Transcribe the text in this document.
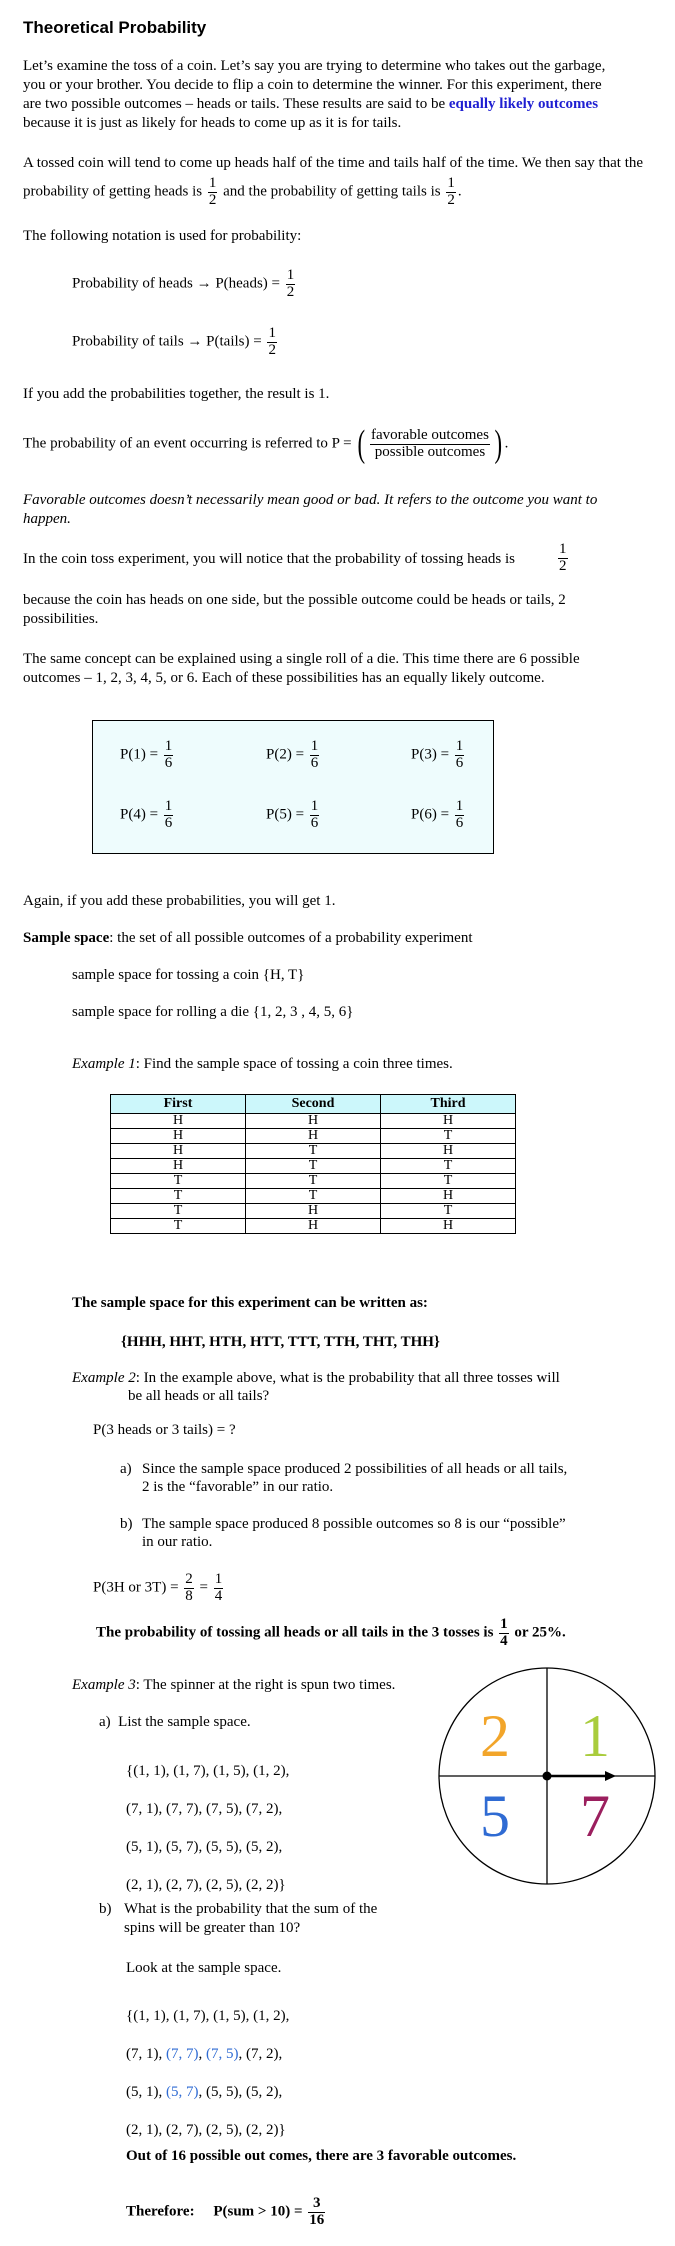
Theoretical Probability
Let’s examine the toss of a coin. Let’s say you are trying to determine who takes out the garbage, you or your brother. You decide to flip a coin to determine the winner. For this experiment, there are two possible outcomes – heads or tails. These results are said to be equally likely outcomes because it is just as likely for heads to come up as it is for tails.
A tossed coin will tend to come up heads half of the time and tails half of the time. We then say that the probability of getting heads is $\frac{1}{2}$ and the probability of getting tails is $\frac{1}{2}$ .
The following notation is used for probability:
Probability of heads → P(heads) = $\frac{1}{2}$
Probability of tails → P(tails) = $\frac{1}{2}$
If you add the probabilities together, the result is 1.
The probability of an event occurring is referred to P = ( $\frac{\text{favorable outcomes}}{\text{possible outcomes}}$ ) .
Favorable outcomes doesn’t necessarily mean good or bad. It refers to the outcome you want to happen.
In the coin toss experiment, you will notice that the probability of tossing heads is	$\frac{1}{2}$
because the coin has heads on one side, but the possible outcome could be heads or tails, 2 possibilities.
The same concept can be explained using a single roll of a die. This time there are 6 possible outcomes – 1, 2, 3, 4, 5, or 6. Each of these possibilities has an equally likely outcome.
$P(1) = \frac{1}{6}$	$P(2) = \frac{1}{6}$	$P(3) = \frac{1}{6}$
$P(4) = \frac{1}{6}$	$P(5) = \frac{1}{6}$	$P(6) = \frac{1}{6}$
Again, if you add these probabilities, you will get 1.
Sample space: the set of all possible outcomes of a probability experiment
sample space for tossing a coin {H, T}
sample space for rolling a die {1, 2, 3 , 4, 5, 6}
Example 1: Find the sample space of tossing a coin three times.
First	Second	Third
H	H	H
H	H	T
H	T	H
H	T	T
T	T	T
T	T	H
T	H	T
T	H	H
The sample space for this experiment can be written as:
{HHH, HHT, HTH, HTT, TTT, TTH, THT, THH}
Example 2: In the example above, what is the probability that all three tosses will
be all heads or all tails?
P(3 heads or 3 tails) = ?
a) Since the sample space produced 2 possibilities of all heads or all tails,
2 is the “favorable” in our ratio.
b) The sample space produced 8 possible outcomes so 8 is our “possible”
in our ratio.
P(3H or $3T) = \frac{2}{8} = \frac{1}{4}$
The probability of tossing all heads or all tails in the 3 tosses is $\frac{1}{4}$ or 25%.
Example 3: The spinner at the right is spun two times.
a) List the sample space.
{(1, 1), (1, 7), (1, 5), (1, 2),
(7, 1), (7, 7), (7, 5), (7, 2),
(5, 1), (5, 7), (5, 5), (5, 2),
(2, 1), (2, 7), (2, 5), (2, 2)}
2 1
5 7
b) What is the probability that the sum of the
spins will be greater than 10?
Look at the sample space.
{(1, 1), (1, 7), (1, 5), (1, 2),
(7, 1), (7, 7), (7, 5), (7, 2),
(5, 1), (5, 7), (5, 5), (5, 2),
(2, 1), (2, 7), (2, 5), (2, 2)}
Out of 16 possible out comes, there are 3 favorable outcomes.
Therefore: $P(sum > 10) = \frac{3}{16}$
